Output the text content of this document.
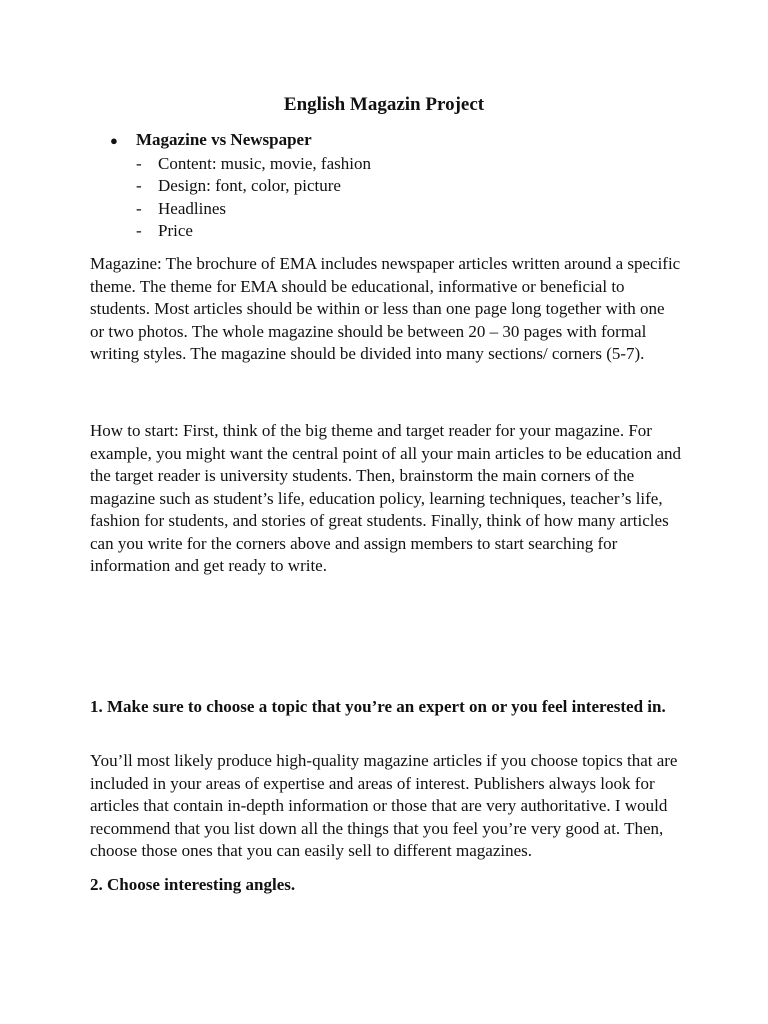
English Magazin Project
●	Magazine vs Newspaper
- Content: music, movie, fashion
- Design: font, color, picture
- Headlines
- Price

Magazine: The brochure of EMA includes newspaper articles written around a specific theme. The theme for EMA should be educational, informative or beneficial to students. Most articles should be within or less than one page long together with one or two photos. The whole magazine should be between 20 – 30 pages with formal writing styles. The magazine should be divided into many sections/ corners (5-7).

How to start: First, think of the big theme and target reader for your magazine. For example, you might want the central point of all your main articles to be education and the target reader is university students. Then, brainstorm the main corners of the magazine such as student’s life, education policy, learning techniques, teacher’s life, fashion for students, and stories of great students. Finally, think of how many articles can you write for the corners above and assign members to start searching for information and get ready to write.

1. Make sure to choose a topic that you’re an expert on or you feel interested in.

You’ll most likely produce high-quality magazine articles if you choose topics that are included in your areas of expertise and areas of interest. Publishers always look for articles that contain in-depth information or those that are very authoritative. I would recommend that you list down all the things that you feel you’re very good at. Then, choose those ones that you can easily sell to different magazines.

2. Choose interesting angles.
